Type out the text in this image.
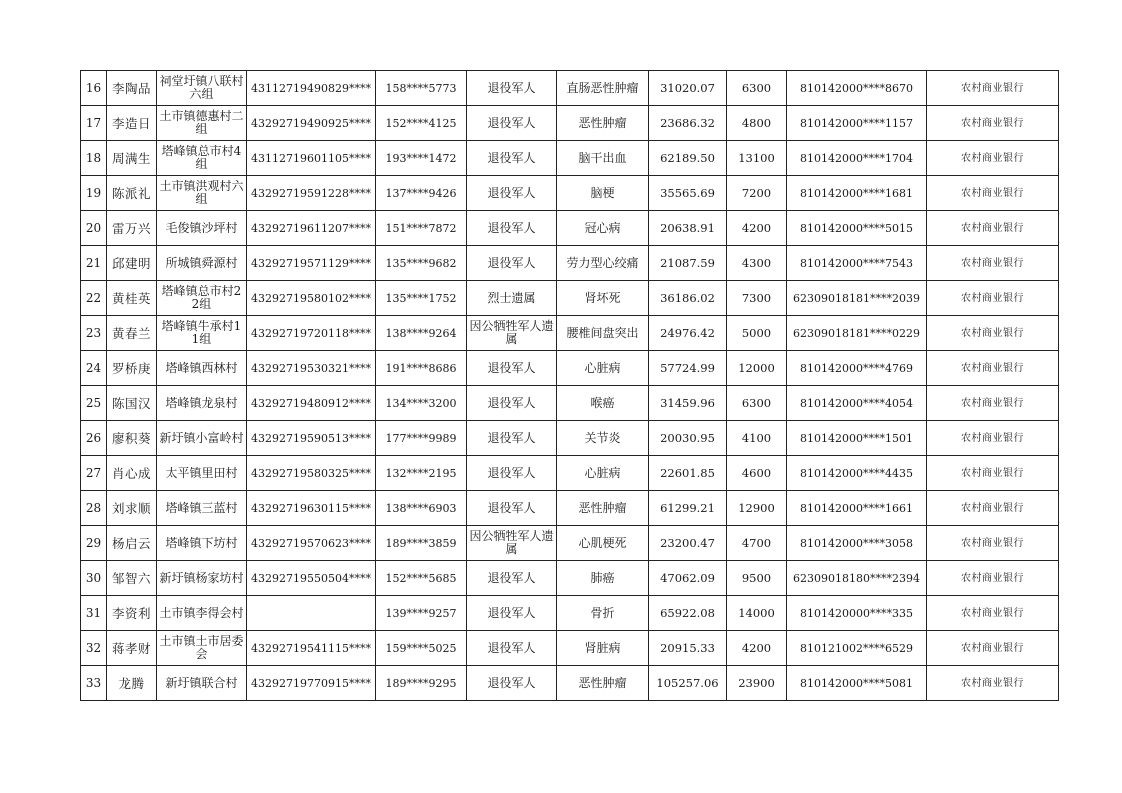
16	李陶品	祠堂圩镇八联村六组	43112719490829****	158****5773	退役军人	直肠恶性肿瘤	31020.07	6300	810142000****8670	农村商业银行
17	李造日	土市镇德惠村二组	43292719490925****	152****4125	退役军人	恶性肿瘤	23686.32	4800	810142000****1157	农村商业银行
18	周满生	塔峰镇总市村4组	43112719601105****	193****1472	退役军人	脑干出血	62189.50	13100	810142000****1704	农村商业银行
19	陈派礼	土市镇洪观村六组	43292719591228****	137****9426	退役军人	脑梗	35565.69	7200	810142000****1681	农村商业银行
20	雷万兴	毛俊镇沙坪村	43292719611207****	151****7872	退役军人	冠心病	20638.91	4200	810142000****5015	农村商业银行
21	邱建明	所城镇舜源村	43292719571129****	135****9682	退役军人	劳力型心绞痛	21087.59	4300	810142000****7543	农村商业银行
22	黄桂英	塔峰镇总市村22组	43292719580102****	135****1752	烈士遗属	肾坏死	36186.02	7300	62309018181****2039	农村商业银行
23	黄春兰	塔峰镇牛承村11组	43292719720118****	138****9264	因公牺牲军人遗属	腰椎间盘突出	24976.42	5000	62309018181****0229	农村商业银行
24	罗桥庚	塔峰镇西林村	43292719530321****	191****8686	退役军人	心脏病	57724.99	12000	810142000****4769	农村商业银行
25	陈国汉	塔峰镇龙泉村	43292719480912****	134****3200	退役军人	喉癌	31459.96	6300	810142000****4054	农村商业银行
26	廖积葵	新圩镇小富岭村	43292719590513****	177****9989	退役军人	关节炎	20030.95	4100	810142000****1501	农村商业银行
27	肖心成	太平镇里田村	43292719580325****	132****2195	退役军人	心脏病	22601.85	4600	810142000****4435	农村商业银行
28	刘求顺	塔峰镇三蓝村	43292719630115****	138****6903	退役军人	恶性肿瘤	61299.21	12900	810142000****1661	农村商业银行
29	杨启云	塔峰镇下坊村	43292719570623****	189****3859	因公牺牲军人遗属	心肌梗死	23200.47	4700	810142000****3058	农村商业银行
30	邹智六	新圩镇杨家坊村	43292719550504****	152****5685	退役军人	肺癌	47062.09	9500	62309018180****2394	农村商业银行
31	李资利	土市镇李得会村		139****9257	退役军人	骨折	65922.08	14000	8101420000****335	农村商业银行
32	蒋孝财	土市镇土市居委会	43292719541115****	159****5025	退役军人	肾脏病	20915.33	4200	810121002****6529	农村商业银行
33	龙腾	新圩镇联合村	43292719770915****	189****9295	退役军人	恶性肿瘤	105257.06	23900	810142000****5081	农村商业银行
